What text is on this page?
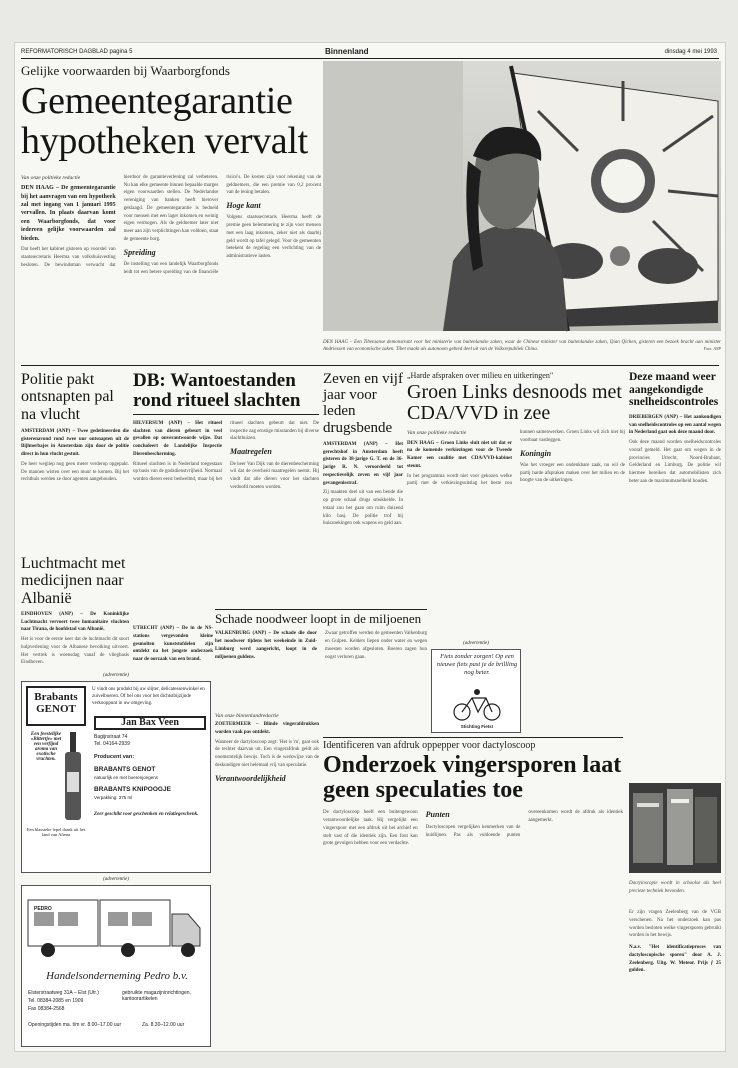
REFORMATORISCH DAGBLAD pagina 5	Binnenland	dinsdag 4 mei 1993
Gelijke voorwaarden bij Waarborgfonds
Gemeentegarantie hypotheken vervalt
Van onze politieke redactie

DEN HAAG – De gemeentegarantie bij het aanvragen van een hypotheek zal met ingang van 1 januari 1995 vervallen. In plaats daarvan komt een Waarborgfonds, dat voor iedereen gelijke voorwaarden zal bieden.

Dat heeft het kabinet gisteren op voorstel van staatssecretaris Heerma van volkshuisvesting besloten. De bewindsman verwacht dat hierdoor de garantieverlening zal verbeteren. Nu kan elke gemeente binnen bepaalde marges eigen voorwaarden stellen. De Nederlandse vereniging van banken heeft hierover geklaagd. De gemeentegarantie is bedoeld voor mensen met een lager inkomen en weinig eigen vermogen. Als de geldnemer later niet meer aan zijn verplichtingen kan voldoen, staat de gemeente borg.

Spreiding

De instelling van een landelijk Waarborgfonds leidt tot een betere spreiding van de financiële risico's. De kosten zijn voor rekening van de geldnemers, die een premie van 0,2 procent van de lening betalen.

Hoge kant

Volgens staatssecretaris Heerma heeft de premie geen belemmering te zijn voor mensen met een laag inkomen, zeker niet als daarbij geld wordt op tafel gelegd. Voor de gemeenten betekent de regeling een verlichting van de administratieve lasten.

DEN HAAG – Een Tibetaanse demonstrant voor het ministerie van buitenlandse zaken, waar de Chinese minister van buitenlandse zaken, Qian Qichen, gisteren een bezoek bracht aan minister Andriessen van economische zaken. Tibet maakt als autonoom gebied deel uit van de Volksrepubliek China.	Foto: ANP
Politie pakt ontsnapten pal na vlucht

AMSTERDAM (ANP) – Twee gedetineerden die gisterenavond rond twee uur ontsnapten uit de Bijlmerbajes in Amsterdam zijn door de politie direct in hun vlucht gestuit.

De heer wegliep nog geen meter verderop opgepakt. De mannen wisten over een muur te komen. Bij het rechthuis werden ze door agenten aangehouden.

Luchtmacht met medicijnen naar Albanië

EINDHOVEN (ANP) – De Koninklijke Luchtmacht vervoert twee humanitaire vluchten naar Tirana, de hoofdstad van Albanië.

Het is voor de eerste keer dat de luchtmacht dit soort hulpverlening voor de Albanese bevolking uitvoert. Het vertrek is woensdag vanaf de vliegbasis Eindhoven.

DB: Wantoestanden rond ritueel slachten

HILVERSUM (ANP) – Het ritueel slachten van dieren gebeurt in veel gevallen op onverantwoorde wijze. Dat concludeert de Landelijke Inspectie Dierenbescherming.

Ritueel slachten is in Nederland toegestaan op basis van de godsdienstvrijheid. Normaal worden dieren eerst bedwelmd, maar bij het ritueel slachten gebeurt dat niet. De inspectie zag ernstige misstanden bij diverse slachthuizen.

Maatregelen

De heer Van Dijk van de dierenbescherming wil dat de overheid maatregelen neemt. Hij vindt dat alle dieren voor het slachten verdoofd moeten worden.

UTRECHT (ANP) – De in de NS-stations vergevonden kleine gesmolten kunststofdelen zijn ontdekt na het jongste onderzoek naar de oorzaak van een brand.

(advertentie)
Brabants GENOT
Een feestelijke »Bittertje« met een verfijnd aroma van exotische vruchten.
Een klassieke lepel drank uit het land van Altena
U vindt ons produkt bij uw slijter, delicatessenwinkel en zuivelboeren. Of bel ons voor het dichtstbijzijnde verkooppunt in uw omgeving.
Jan Bax Veen
Bagijnstraat 74
Tel. 04164-2939
Producent van:
BRABANTS GENOT
natuurlijk en met boerenjongens
BRABANTS KNIPOOGJE
Verpakking: 375 ml
Zeer geschikt voor geschenken en relatiegeschenk.
(advertentie)
PEDRO
Handelsonderneming Pedro b.v.
Elsterstraatweg 31A – Elst (Utr.)
Tel. 08384-2085 en 1909
Fax 08384-2568
gebruikte magazijninrichtingen, kantoorartikelen
Openingstijden ma. t/m vr. 8.00–17.00 uur	Za. 8.30–12.00 uur
Zeven en vijf jaar voor leden drugsbende

AMSTERDAM (ANP) – Het gerechtshof in Amsterdam heeft gisteren de 38-jarige G. T. en de 36-jarige R. N. veroordeeld tot respectievelijk zeven en vijf jaar gevangenisstraf.

Zij maakten deel uit van een bende die op grote schaal drugs smokkelde. In totaal zou het gaan om ruim duizend kilo hasj. De politie trof bij huiszoekingen ook wapens en geld aan.

„Harde afspraken over milieu en uitkeringen"
Groen Links desnoods met CDA/VVD in zee
Van onze politieke redactie

DEN HAAG – Groen Links sluit niet uit dat er na de komende verkiezingen voor de Tweede Kamer een coalitie met CDA/VVD-kabinet steunt.

In het programma wordt niet voor gekozen welke partij met de verkiezingsuitslag het beste zou kunnen samenwerken. Groen Links wil zich niet bij voorbaat vastleggen.

Koningin

Was het vroeger een ondenkbare zaak, nu wil de partij harde afspraken maken over het milieu en de hoogte van de uitkeringen.

Deze maand weer aangekondigde snelheidscontroles

DRIEBERGEN (ANP) – Het aankondigen van snelheidscontroles op een aantal wegen in Nederland gaat ook deze maand door.

Ook deze maand worden snelheidscontroles vooraf gemeld. Het gaat om wegen in de provincies Utrecht, Noord-Brabant, Gelderland en Limburg. De politie wil hiermee bereiken dat automobilisten zich beter aan de maximumsnelheid houden.

Schade noodweer loopt in de miljoenen

VALKENBURG (ANP) – De schade die door het noodweer tijdens het weekeinde in Zuid-Limburg werd aangericht, loopt in de miljoenen guldens.

Zwaar getroffen werden de gemeenten Valkenburg en Gulpen. Kelders liepen onder water en wegen moesten worden afgesloten. Boeren zagen hun oogst verloren gaan.

(advertentie)
Fiets zonder zorgen! Op een nieuwe fiets past je de brillling nog beter.
Stichting Fiets!
Van onze binnenlandredactie

ZOETERMEER – Blinde vingerafdrukken worden vaak pas ontdekt.

Wanneer de dactyloscoop zegt: 'Het is 'm', gaat ook de rechter daarvan uit. Een vingerafdruk geldt als onomstotelijk bewijs. Toch is de werkwijze van de deskundigen niet helemaal vrij van speculatie.

Verantwoordelijkheid
Identificeren van afdruk oppepper voor dactyloscoop
Onderzoek vingersporen laat geen speculaties toe

De dactyloscoop heeft een buitengewoon verantwoordelijke taak. Hij vergelijkt een vingerspoor met een afdruk uit het archief en stelt vast of die identiek zijn. Een fout kan grote gevolgen hebben voor een verdachte.

Punten

Dactyloscopen vergelijken kenmerken van de huidlijnen. Pas als voldoende punten overeenkomen wordt de afdruk als identiek aangemerkt.

Dactyloscopie wordt in schoolse als heel precieze techniek bevonden.

Er zijn vragen Zeelenberg van de VGB verschenen. Na het onderzoek kan pas worden besloten welke vingersporen gebruikt worden in het bewijs.

N.a.v. "Het identificatieproces van dactyloscopische sporen" door A. J. Zeelenberg. Uitg. W. Meteor. Prijs ƒ 25 gulden.
